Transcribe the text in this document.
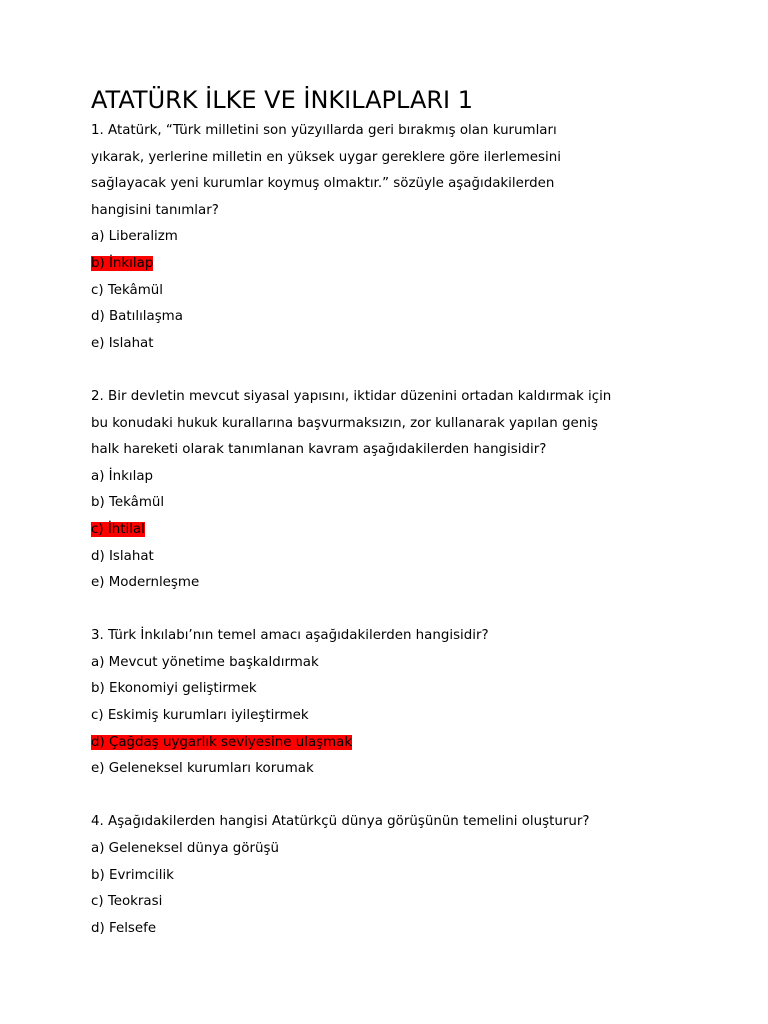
ATATÜRK İLKE VE İNKILAPLARI 1
1. Atatürk, “Türk milletini son yüzyıllarda geri bırakmış olan kurumları
yıkarak, yerlerine milletin en yüksek uygar gereklere göre ilerlemesini
sağlayacak yeni kurumlar koymuş olmaktır.” sözüyle aşağıdakilerden
hangisini tanımlar?
a) Liberalizm
b) İnkılap
c) Tekâmül
d) Batılılaşma
e) Islahat
2. Bir devletin mevcut siyasal yapısını, iktidar düzenini ortadan kaldırmak için
bu konudaki hukuk kurallarına başvurmaksızın, zor kullanarak yapılan geniş
halk hareketi olarak tanımlanan kavram aşağıdakilerden hangisidir?
a) İnkılap
b) Tekâmül
c) İhtilal
d) Islahat
e) Modernleşme
3. Türk İnkılabı’nın temel amacı aşağıdakilerden hangisidir?
a) Mevcut yönetime başkaldırmak
b) Ekonomiyi geliştirmek
c) Eskimiş kurumları iyileştirmek
d) Çağdaş uygarlık seviyesine ulaşmak
e) Geleneksel kurumları korumak
4. Aşağıdakilerden hangisi Atatürkçü dünya görüşünün temelini oluşturur?
a) Geleneksel dünya görüşü
b) Evrimcilik
c) Teokrasi
d) Felsefe
